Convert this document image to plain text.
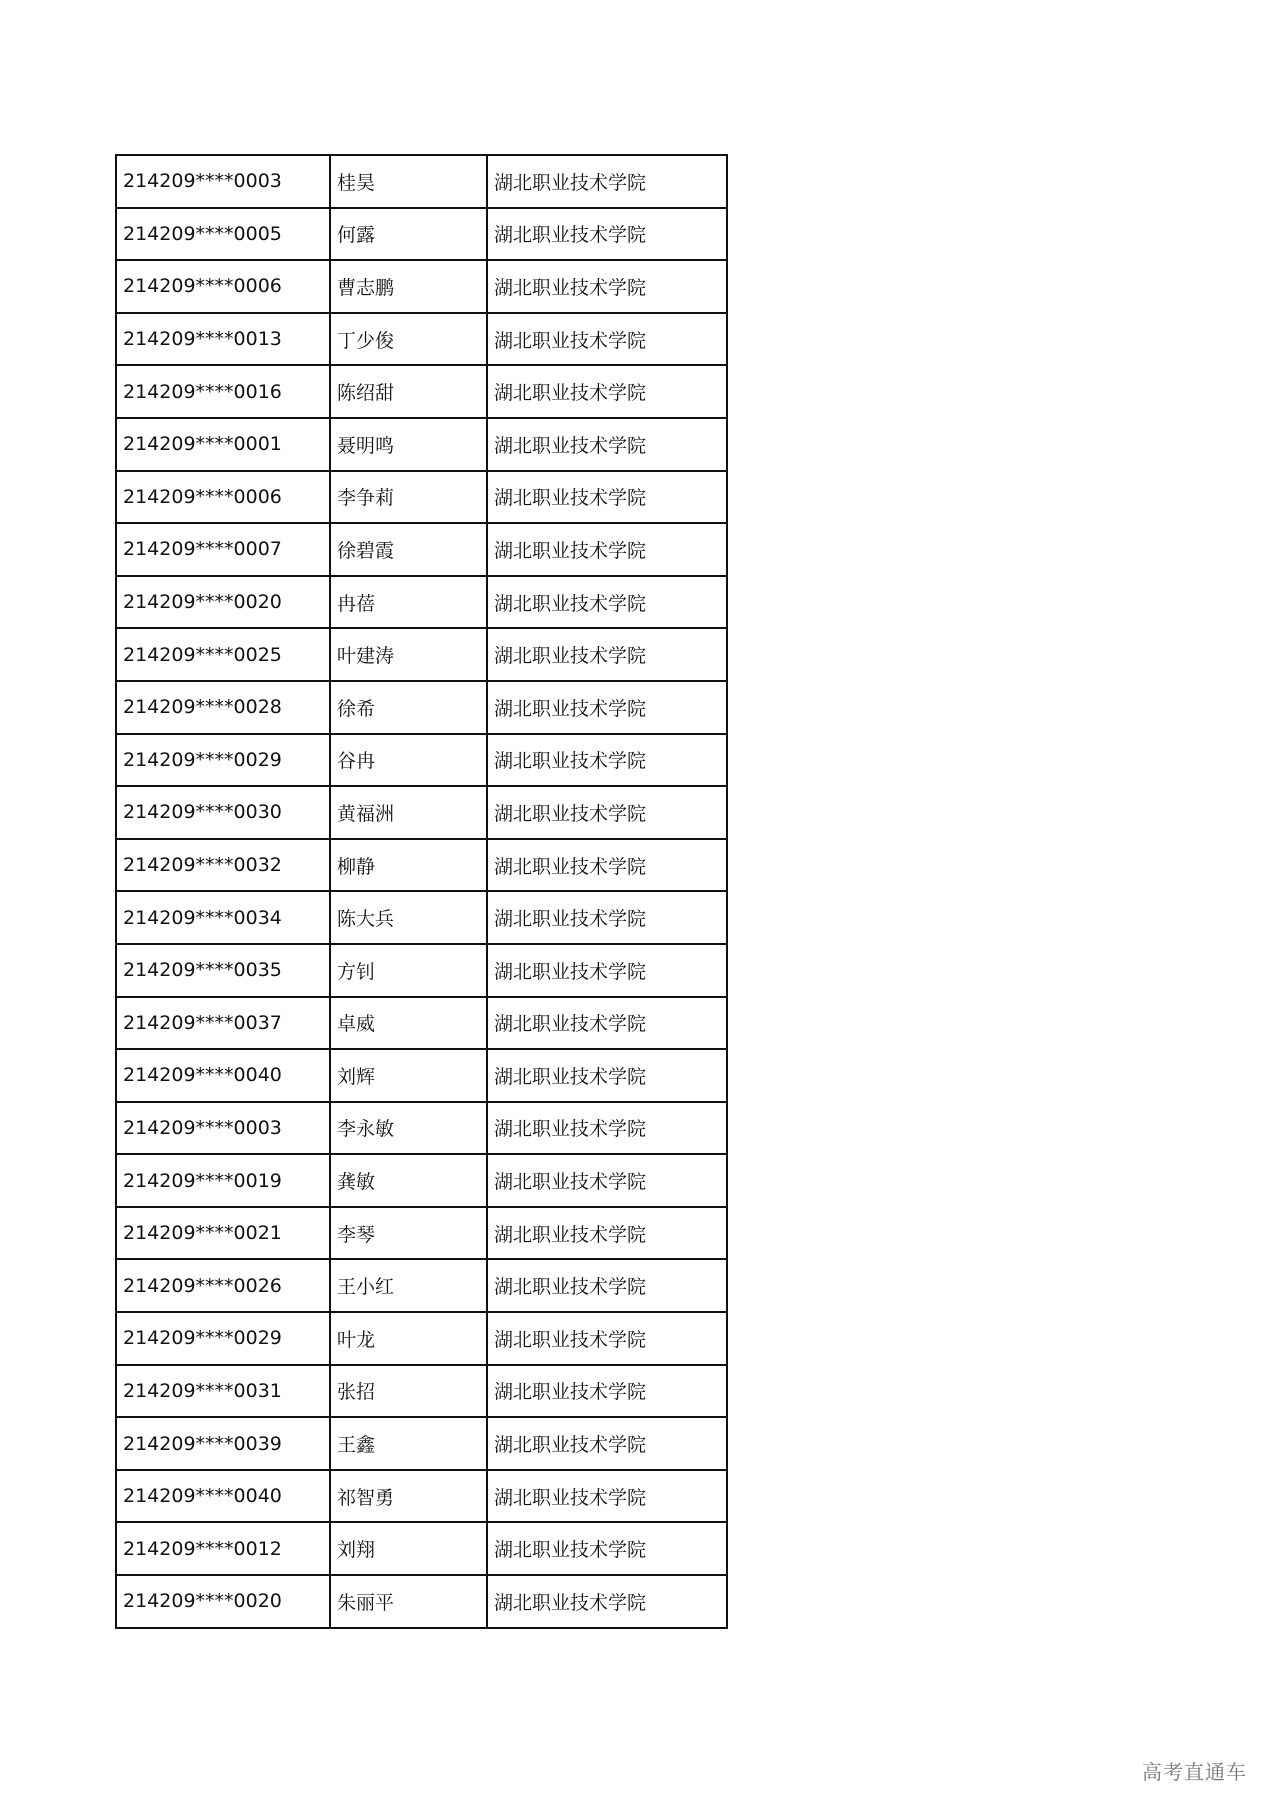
214209****0003	桂昊	湖北职业技术学院
214209****0005	何露	湖北职业技术学院
214209****0006	曹志鹏	湖北职业技术学院
214209****0013	丁少俊	湖北职业技术学院
214209****0016	陈绍甜	湖北职业技术学院
214209****0001	聂明鸣	湖北职业技术学院
214209****0006	李争莉	湖北职业技术学院
214209****0007	徐碧霞	湖北职业技术学院
214209****0020	冉蓓	湖北职业技术学院
214209****0025	叶建涛	湖北职业技术学院
214209****0028	徐希	湖北职业技术学院
214209****0029	谷冉	湖北职业技术学院
214209****0030	黄福洲	湖北职业技术学院
214209****0032	柳静	湖北职业技术学院
214209****0034	陈大兵	湖北职业技术学院
214209****0035	方钊	湖北职业技术学院
214209****0037	卓威	湖北职业技术学院
214209****0040	刘辉	湖北职业技术学院
214209****0003	李永敏	湖北职业技术学院
214209****0019	龚敏	湖北职业技术学院
214209****0021	李琴	湖北职业技术学院
214209****0026	王小红	湖北职业技术学院
214209****0029	叶龙	湖北职业技术学院
214209****0031	张招	湖北职业技术学院
214209****0039	王鑫	湖北职业技术学院
214209****0040	祁智勇	湖北职业技术学院
214209****0012	刘翔	湖北职业技术学院
214209****0020	朱丽平	湖北职业技术学院
高考直通车
